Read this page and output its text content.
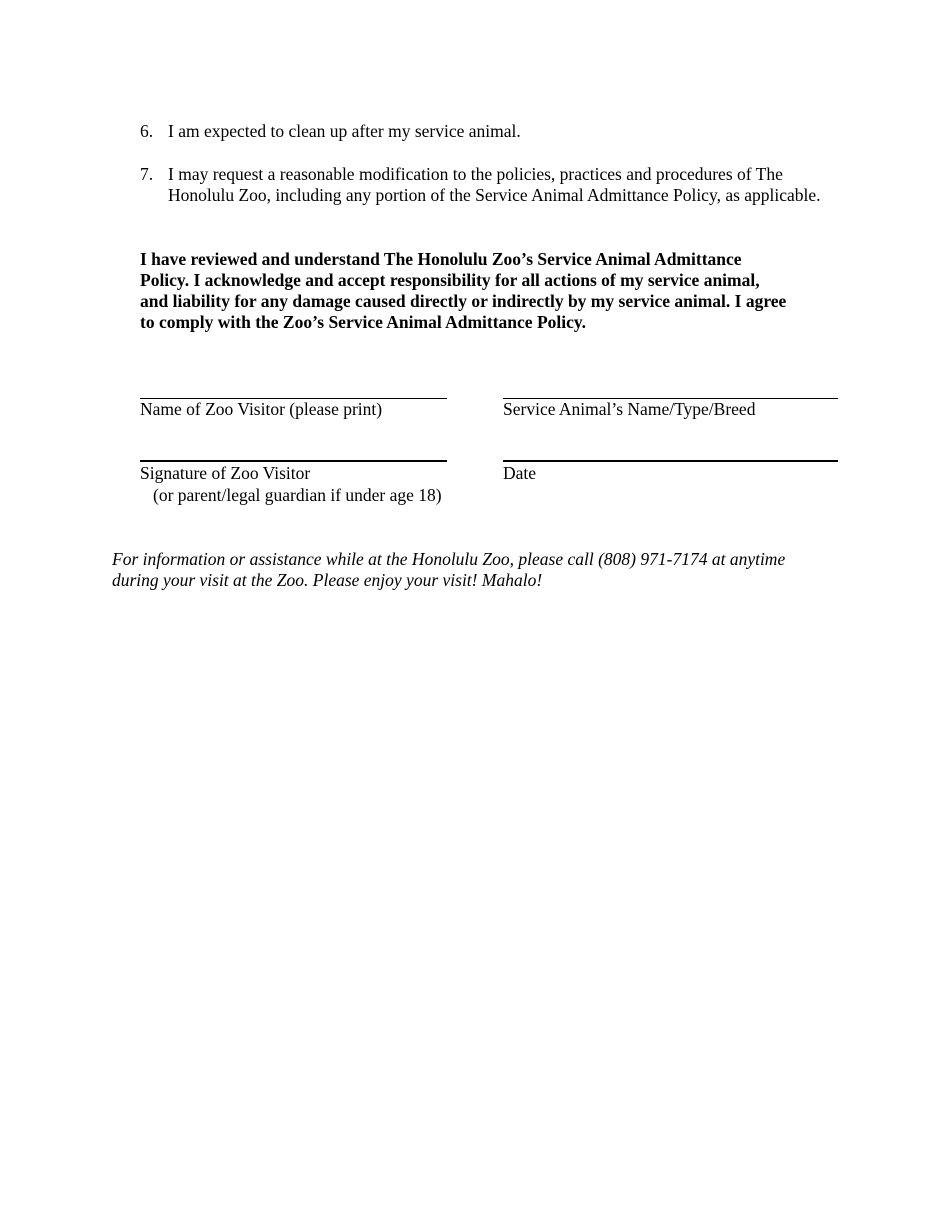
6. I am expected to clean up after my service animal.
7. I may request a reasonable modification to the policies, practices and procedures of The Honolulu Zoo, including any portion of the Service Animal Admittance Policy, as applicable.
I have reviewed and understand The Honolulu Zoo’s Service Animal Admittance
Policy. I acknowledge and accept responsibility for all actions of my service animal,
and liability for any damage caused directly or indirectly by my service animal. I agree
to comply with the Zoo’s Service Animal Admittance Policy.
Name of Zoo Visitor (please print)	Service Animal’s Name/Type/Breed
Signature of Zoo Visitor
(or parent/legal guardian if under age 18)
Date
For information or assistance while at the Honolulu Zoo, please call (808) 971-7174 at anytime
during your visit at the Zoo. Please enjoy your visit! Mahalo!
